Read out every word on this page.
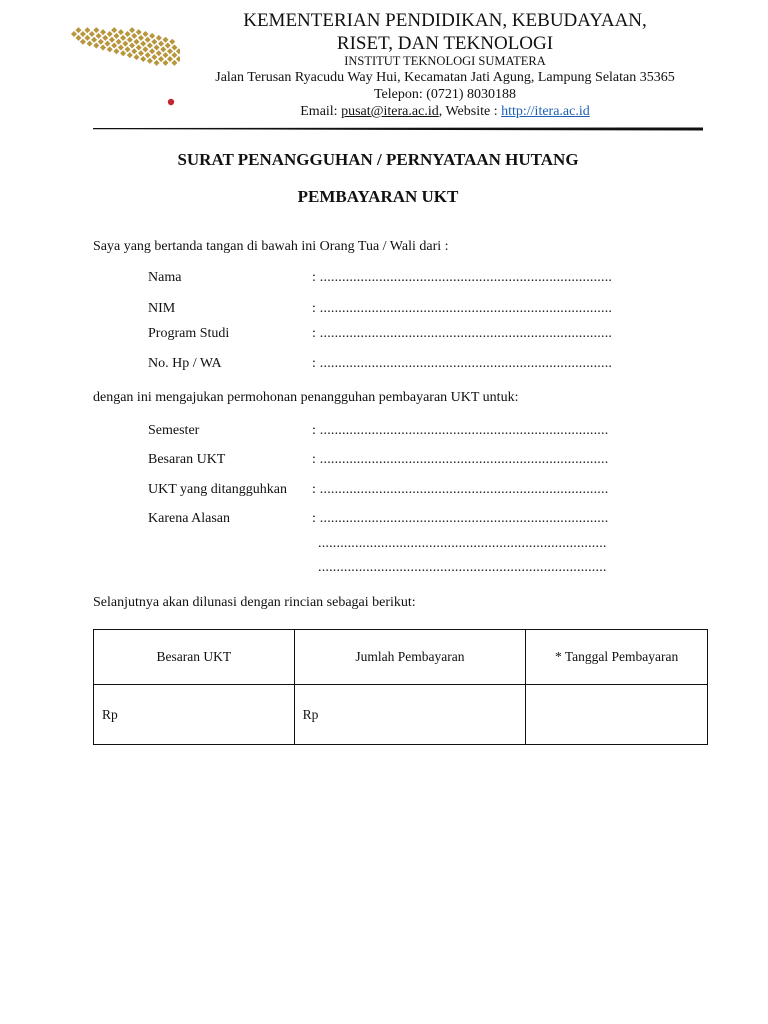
KEMENTERIAN PENDIDIKAN, KEBUDAYAAN,
RISET, DAN TEKNOLOGI
INSTITUT TEKNOLOGI SUMATERA
Jalan Terusan Ryacudu Way Hui, Kecamatan Jati Agung, Lampung Selatan 35365
Telepon: (0721) 8030188
Email: pusat@itera.ac.id, Website : http://itera.ac.id
SURAT PENANGGUHAN / PERNYATAAN HUTANG
PEMBAYARAN UKT
Saya yang bertanda tangan di bawah ini Orang Tua / Wali dari :
Nama	: ...............................................................................
NIM	: ...............................................................................
Program Studi	: ...............................................................................
No. Hp / WA	: ...............................................................................
dengan ini mengajukan permohonan penangguhan pembayaran UKT untuk:
Semester	: ..............................................................................
Besaran UKT	: ..............................................................................
UKT yang ditangguhkan : ..............................................................................
Karena Alasan	: ..............................................................................
..............................................................................
..............................................................................
Selanjutnya akan dilunasi dengan rincian sebagai berikut:
Besaran UKT	Jumlah Pembayaran	* Tanggal Pembayaran
Rp	Rp	
